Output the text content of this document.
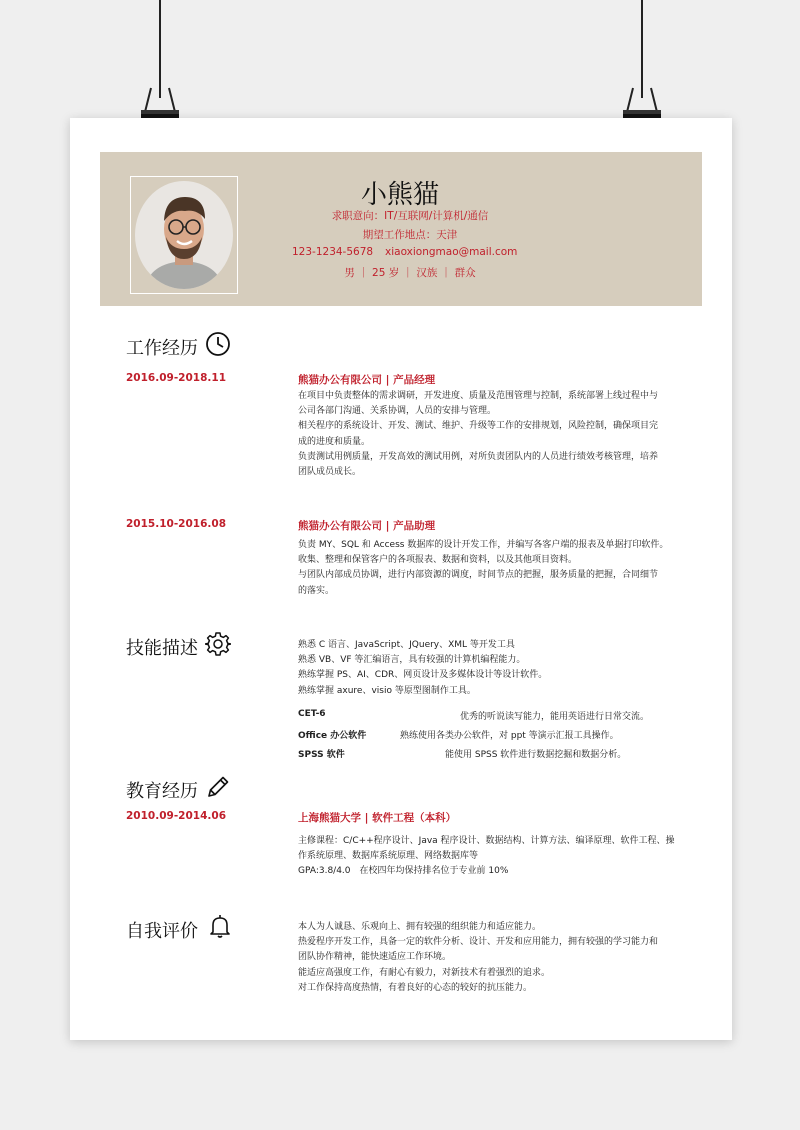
小熊猫
求职意向：IT/互联网/计算机/通信
期望工作地点：天津
123-1234-5678 xiaoxiongmao@mail.com
男 ｜ 25 岁 ｜ 汉族 ｜ 群众
工作经历
2016.09-2018.11	熊猫办公有限公司 | 产品经理
在项目中负责整体的需求调研，开发进度、质量及范围管理与控制，系统部署上线过程中与
公司各部门沟通、关系协调，人员的安排与管理。
相关程序的系统设计、开发、测试、维护、升级等工作的安排规划，风险控制，确保项目完
成的进度和质量。
负责测试用例质量，开发高效的测试用例，对所负责团队内的人员进行绩效考核管理，培养
团队成员成长。
2015.10-2016.08	熊猫办公有限公司 | 产品助理
负责 MY、SQL 和 Access 数据库的设计开发工作，并编写各客户端的报表及单据打印软件。
收集、整理和保管客户的各项报表、数据和资料，以及其他项目资料。
与团队内部成员协调，进行内部资源的调度，时间节点的把握，服务质量的把握，合同细节
的落实。
技能描述	熟悉 C 语言、JavaScript、JQuery、XML 等开发工具
熟悉 VB、VF 等汇编语言，具有较强的计算机编程能力。
熟练掌握 PS、AI、CDR、网页设计及多媒体设计等设计软件。
熟练掌握 axure、visio 等原型图制作工具。
CET-6	优秀的听说读写能力，能用英语进行日常交流。
Office 办公软件	熟练使用各类办公软件，对 ppt 等演示汇报工具操作。
SPSS 软件	能使用 SPSS 软件进行数据挖掘和数据分析。
教育经历
2010.09-2014.06	上海熊猫大学 | 软件工程（本科）
主修课程：C/C++程序设计、Java 程序设计、数据结构、计算方法、编译原理、软件工程、操
作系统原理、数据库系统原理、网络数据库等
GPA:3.8/4.0　在校四年均保持排名位于专业前 10%
自我评价	本人为人诚恳、乐观向上、拥有较强的组织能力和适应能力。
热爱程序开发工作，具备一定的软件分析、设计、开发和应用能力，拥有较强的学习能力和
团队协作精神，能快速适应工作环境。
能适应高强度工作，有耐心有毅力，对新技术有着强烈的追求。
对工作保持高度热情，有着良好的心态的较好的抗压能力。
